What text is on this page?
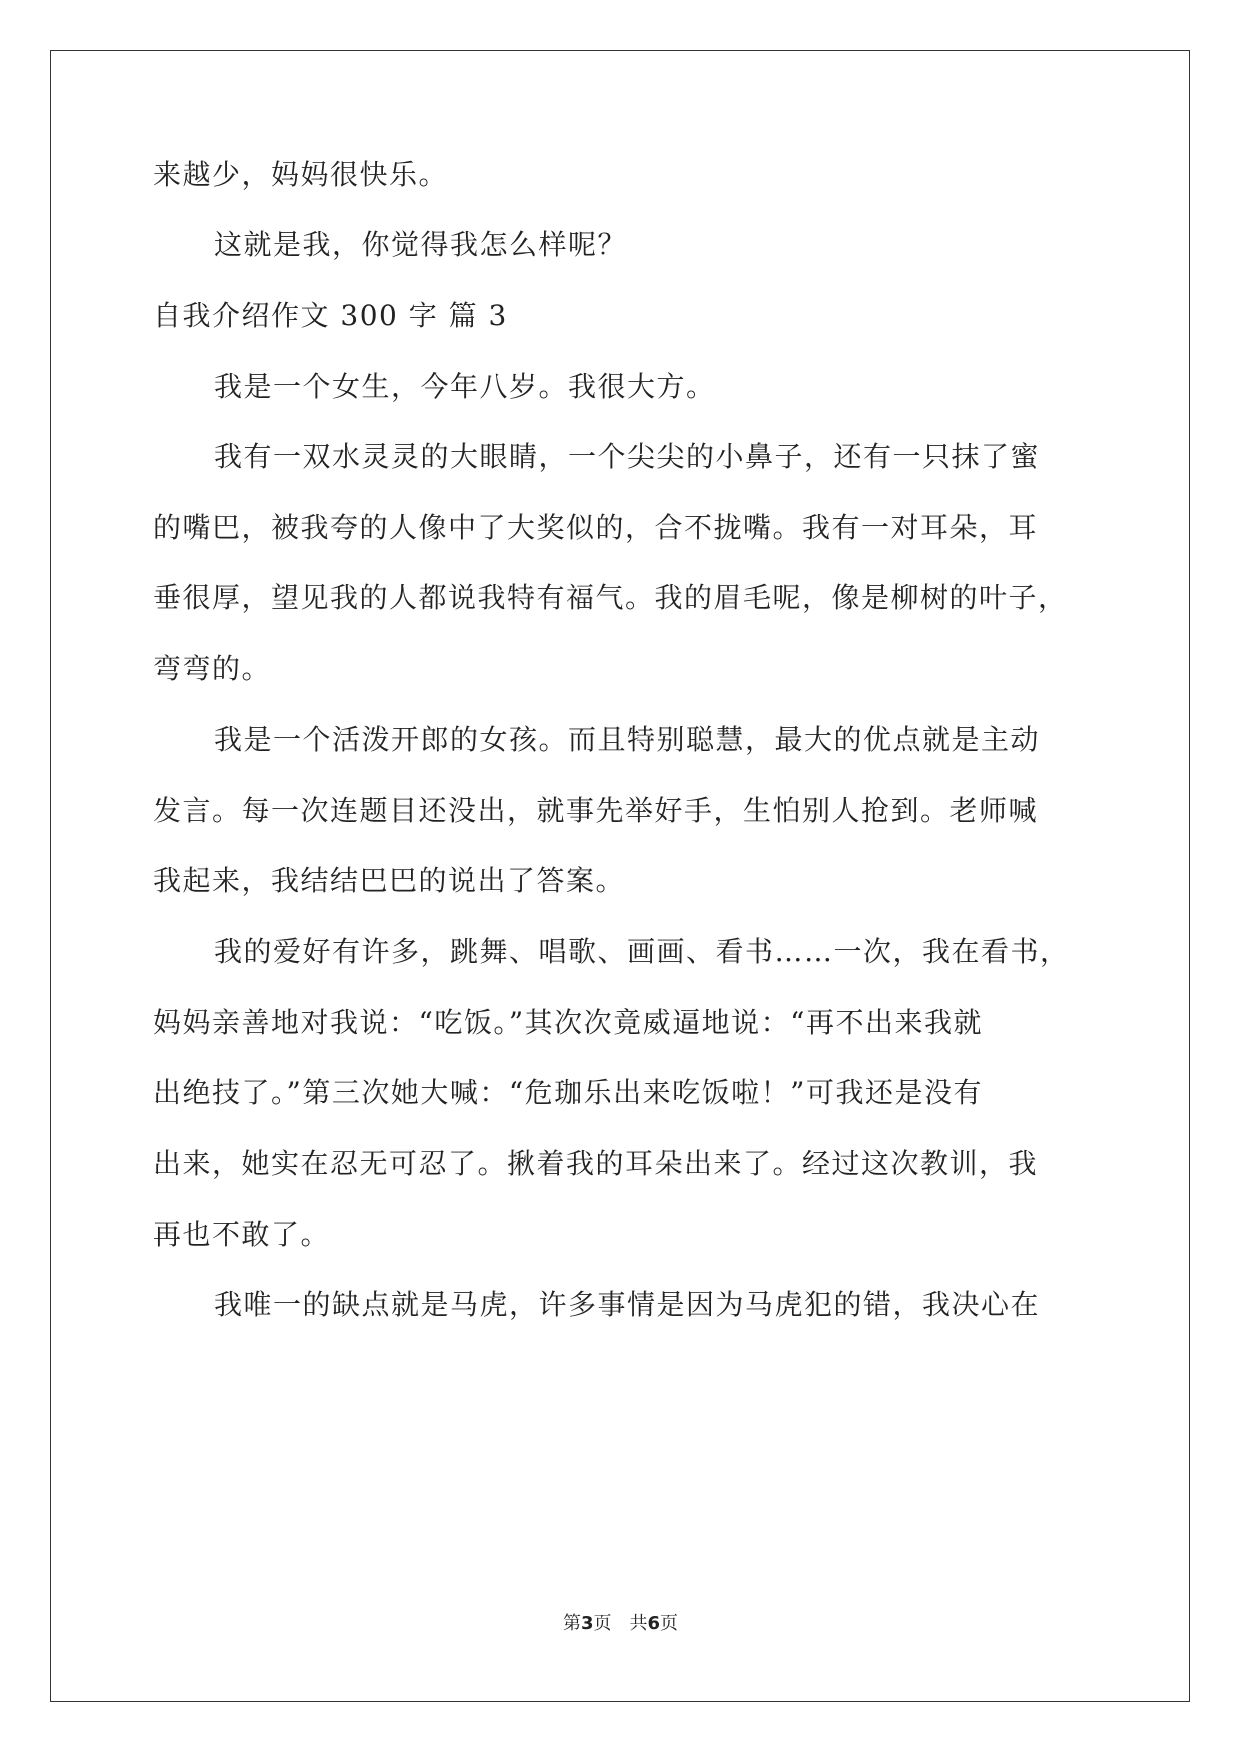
来越少，妈妈很快乐。
这就是我，你觉得我怎么样呢？
自我介绍作文 300 字 篇 3
我是一个女生，今年八岁。我很大方。
我有一双水灵灵的大眼睛，一个尖尖的小鼻子，还有一只抹了蜜
的嘴巴，被我夸的人像中了大奖似的，合不拢嘴。我有一对耳朵，耳
垂很厚，望见我的人都说我特有福气。我的眉毛呢，像是柳树的叶子，
弯弯的。
我是一个活泼开郎的女孩。而且特别聪慧，最大的优点就是主动
发言。每一次连题目还没出，就事先举好手，生怕别人抢到。老师喊
我起来，我结结巴巴的说出了答案。
我的爱好有许多，跳舞、唱歌、画画、看书……一次，我在看书，
妈妈亲善地对我说：“吃饭。”其次次竟威逼地说：“再不出来我就
出绝技了。”第三次她大喊：“危珈乐出来吃饭啦！”可我还是没有
出来，她实在忍无可忍了。揪着我的耳朵出来了。经过这次教训，我
再也不敢了。
我唯一的缺点就是马虎，许多事情是因为马虎犯的错，我决心在
第3页 共6页
